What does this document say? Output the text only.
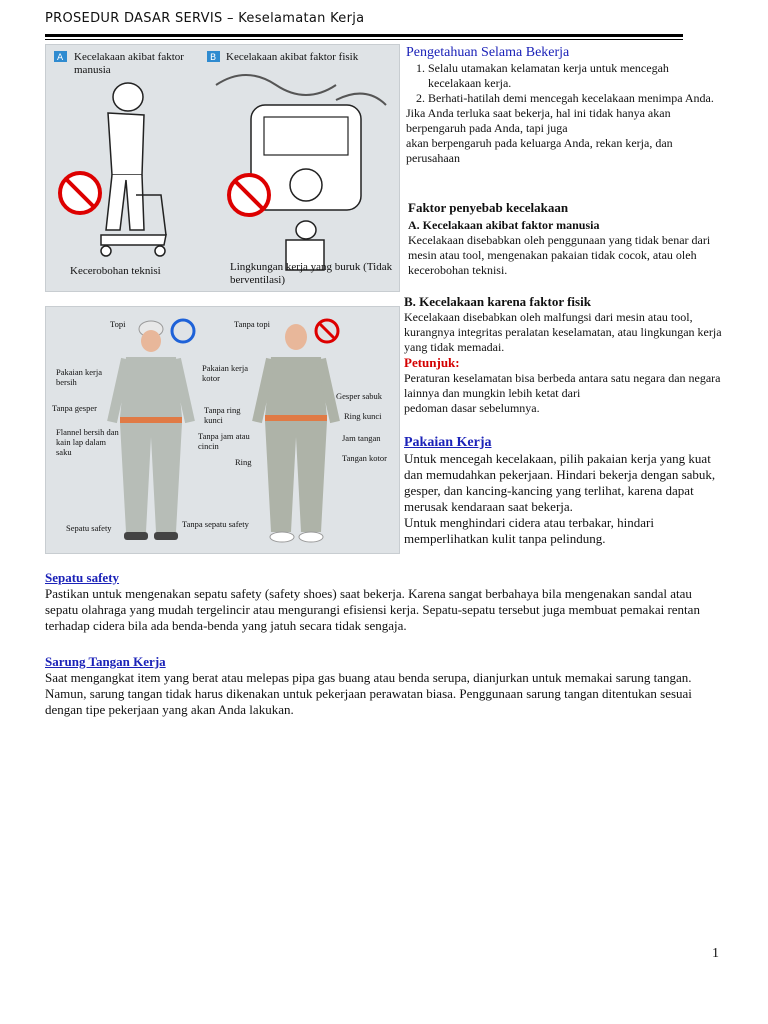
PROSEDUR DASAR SERVIS – Keselamatan Kerja
A	B
Kecelakaan akibat faktor manusia
Kecelakaan akibat faktor fisik
Kecerobohan teknisi	Lingkungan kerja yang buruk (Tidak berventilasi)
Topi	Tanpa topi
Pakaian kerja bersih
Pakaian kerja kotor
Gesper sabuk
Tanpa gesper	Tanpa ring kunci	Ring kunci
Flannel bersih dan kain lap dalam saku
Tanpa jam atau cincin
Jam tangan
Ring	Tangan kotor
Sepatu safety	Tanpa sepatu safety
Pengetahuan Selama Bekerja
1. Selalu utamakan kelamatan kerja untuk mencegah kecelakaan kerja.
2. Berhati-hatilah demi mencegah kecelakaan menimpa Anda.
Jika Anda terluka saat bekerja, hal ini tidak hanya akan berpengaruh pada Anda, tapi juga
akan berpengaruh pada keluarga Anda, rekan kerja, dan perusahaan
Faktor penyebab kecelakaan
A. Kecelakaan akibat faktor manusia
Kecelakaan disebabkan oleh penggunaan yang tidak benar dari mesin atau tool, mengenakan pakaian tidak cocok, atau oleh kecerobohan teknisi.
B. Kecelakaan karena faktor fisik
Kecelakaan disebabkan oleh malfungsi dari mesin atau tool, kurangnya integritas peralatan keselamatan, atau lingkungan kerja yang tidak memadai.
Petunjuk:
Peraturan keselamatan bisa berbeda antara satu negara dan negara lainnya dan mungkin lebih ketat dari
pedoman dasar sebelumnya.
Pakaian Kerja
Untuk mencegah kecelakaan, pilih pakaian kerja yang kuat dan memudahkan pekerjaan. Hindari bekerja dengan sabuk, gesper, dan kancing-kancing yang terlihat, karena dapat
merusak kendaraan saat bekerja.
Untuk menghindari cidera atau terbakar, hindari memperlihatkan kulit tanpa pelindung.
Sepatu safety
Pastikan untuk mengenakan sepatu safety (safety shoes) saat bekerja. Karena sangat berbahaya bila mengenakan sandal atau sepatu olahraga yang mudah tergelincir atau mengurangi efisiensi kerja. Sepatu-sepatu tersebut juga membuat pemakai rentan terhadap cidera bila ada benda-benda yang jatuh secara tidak sengaja.
Sarung Tangan Kerja
Saat mengangkat item yang berat atau melepas pipa gas buang atau benda serupa, dianjurkan untuk memakai sarung tangan. Namun, sarung tangan tidak harus dikenakan untuk pekerjaan perawatan biasa. Penggunaan sarung tangan ditentukan sesuai dengan tipe pekerjaan yang akan Anda lakukan.
1
